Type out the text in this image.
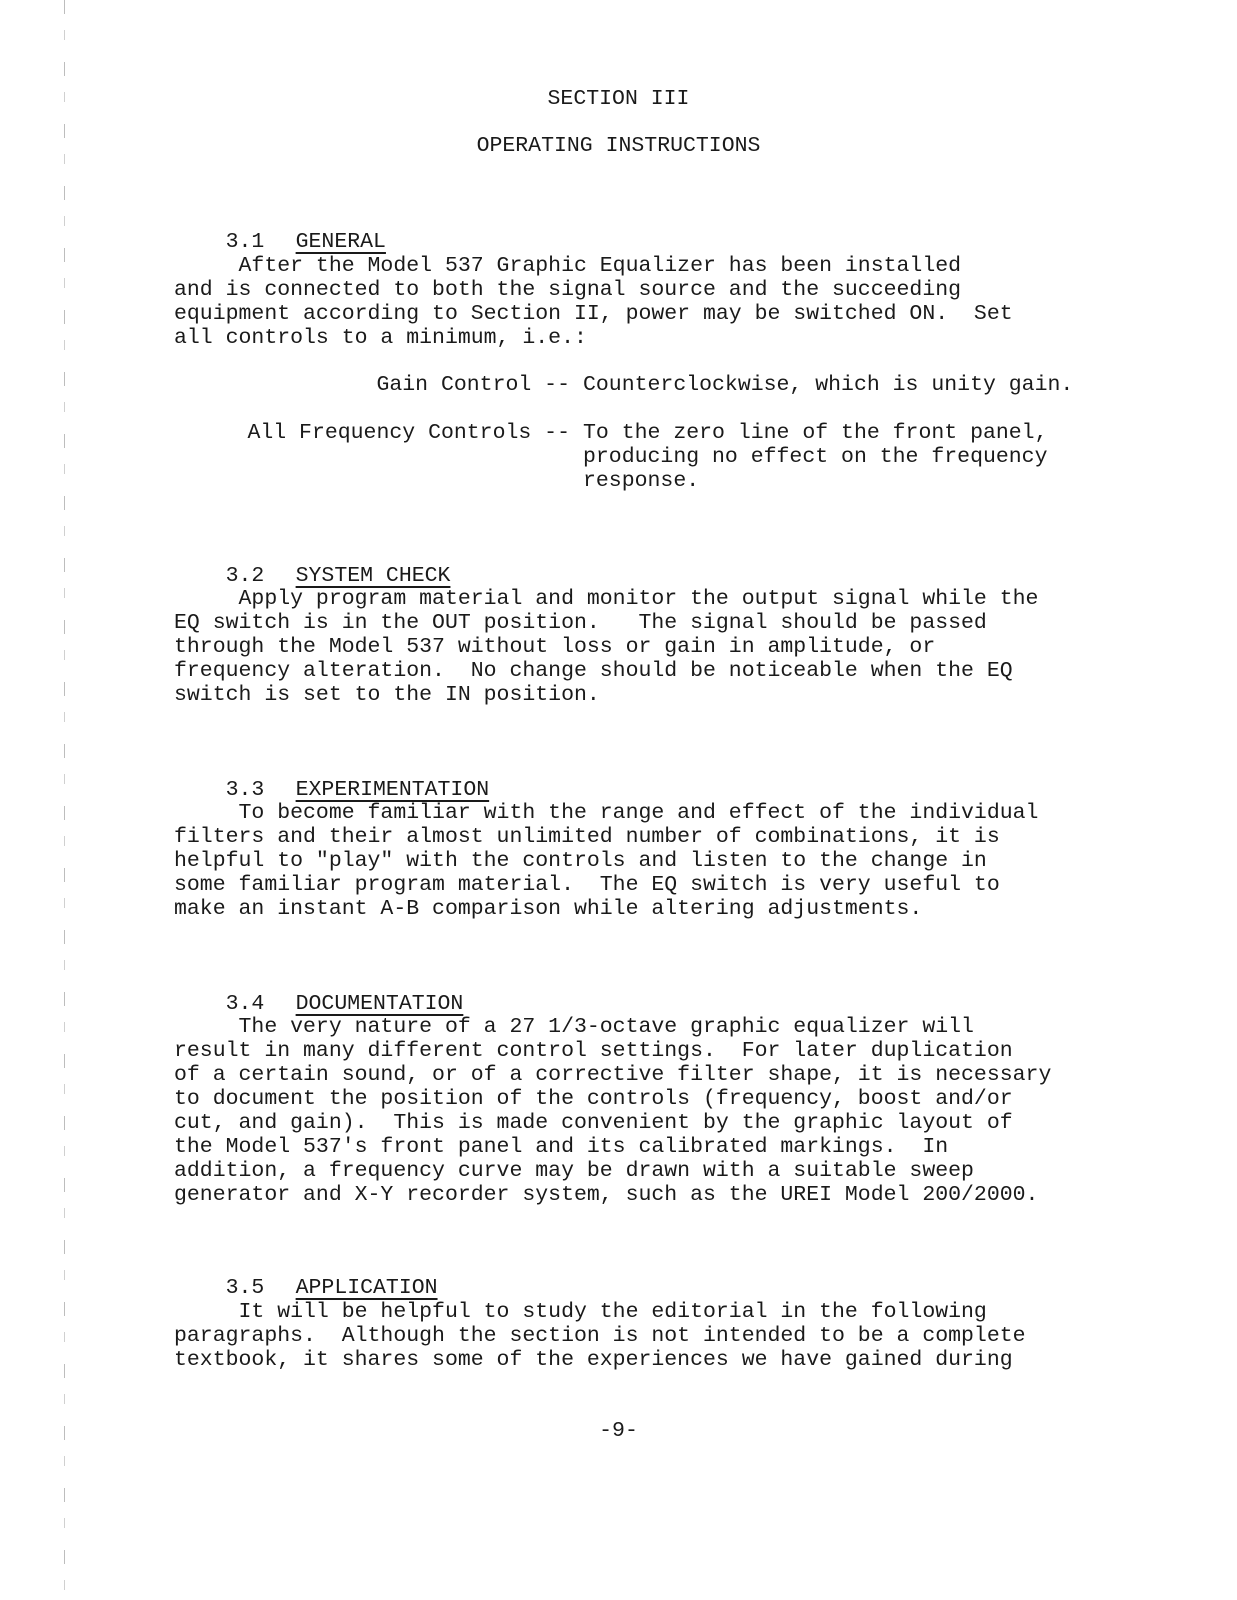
SECTION III
OPERATING INSTRUCTIONS

3.1 GENERAL

After the Model 537 Graphic Equalizer has been installed
and is connected to both the signal source and the succeeding
equipment according to Section II, power may be switched ON.  Set
all controls to a minimum, i.e.:
Gain Control -- Counterclockwise, which is unity gain.
All Frequency Controls -- To the zero line of the front panel,
producing no effect on the frequency
response.

3.2 SYSTEM CHECK

Apply program material and monitor the output signal while the
EQ switch is in the OUT position.   The signal should be passed
through the Model 537 without loss or gain in amplitude, or
frequency alteration.  No change should be noticeable when the EQ
switch is set to the IN position.

3.3 EXPERIMENTATION

To become familiar with the range and effect of the individual
filters and their almost unlimited number of combinations, it is
helpful to "play" with the controls and listen to the change in
some familiar program material.  The EQ switch is very useful to
make an instant A-B comparison while altering adjustments.

3.4 DOCUMENTATION

The very nature of a 27 1/3-octave graphic equalizer will
result in many different control settings.  For later duplication
of a certain sound, or of a corrective filter shape, it is necessary
to document the position of the controls (frequency, boost and/or
cut, and gain).  This is made convenient by the graphic layout of
the Model 537's front panel and its calibrated markings.  In
addition, a frequency curve may be drawn with a suitable sweep
generator and X-Y recorder system, such as the UREI Model 200/2000.

3.5 APPLICATION

It will be helpful to study the editorial in the following
paragraphs.  Although the section is not intended to be a complete
textbook, it shares some of the experiences we have gained during
-9-
